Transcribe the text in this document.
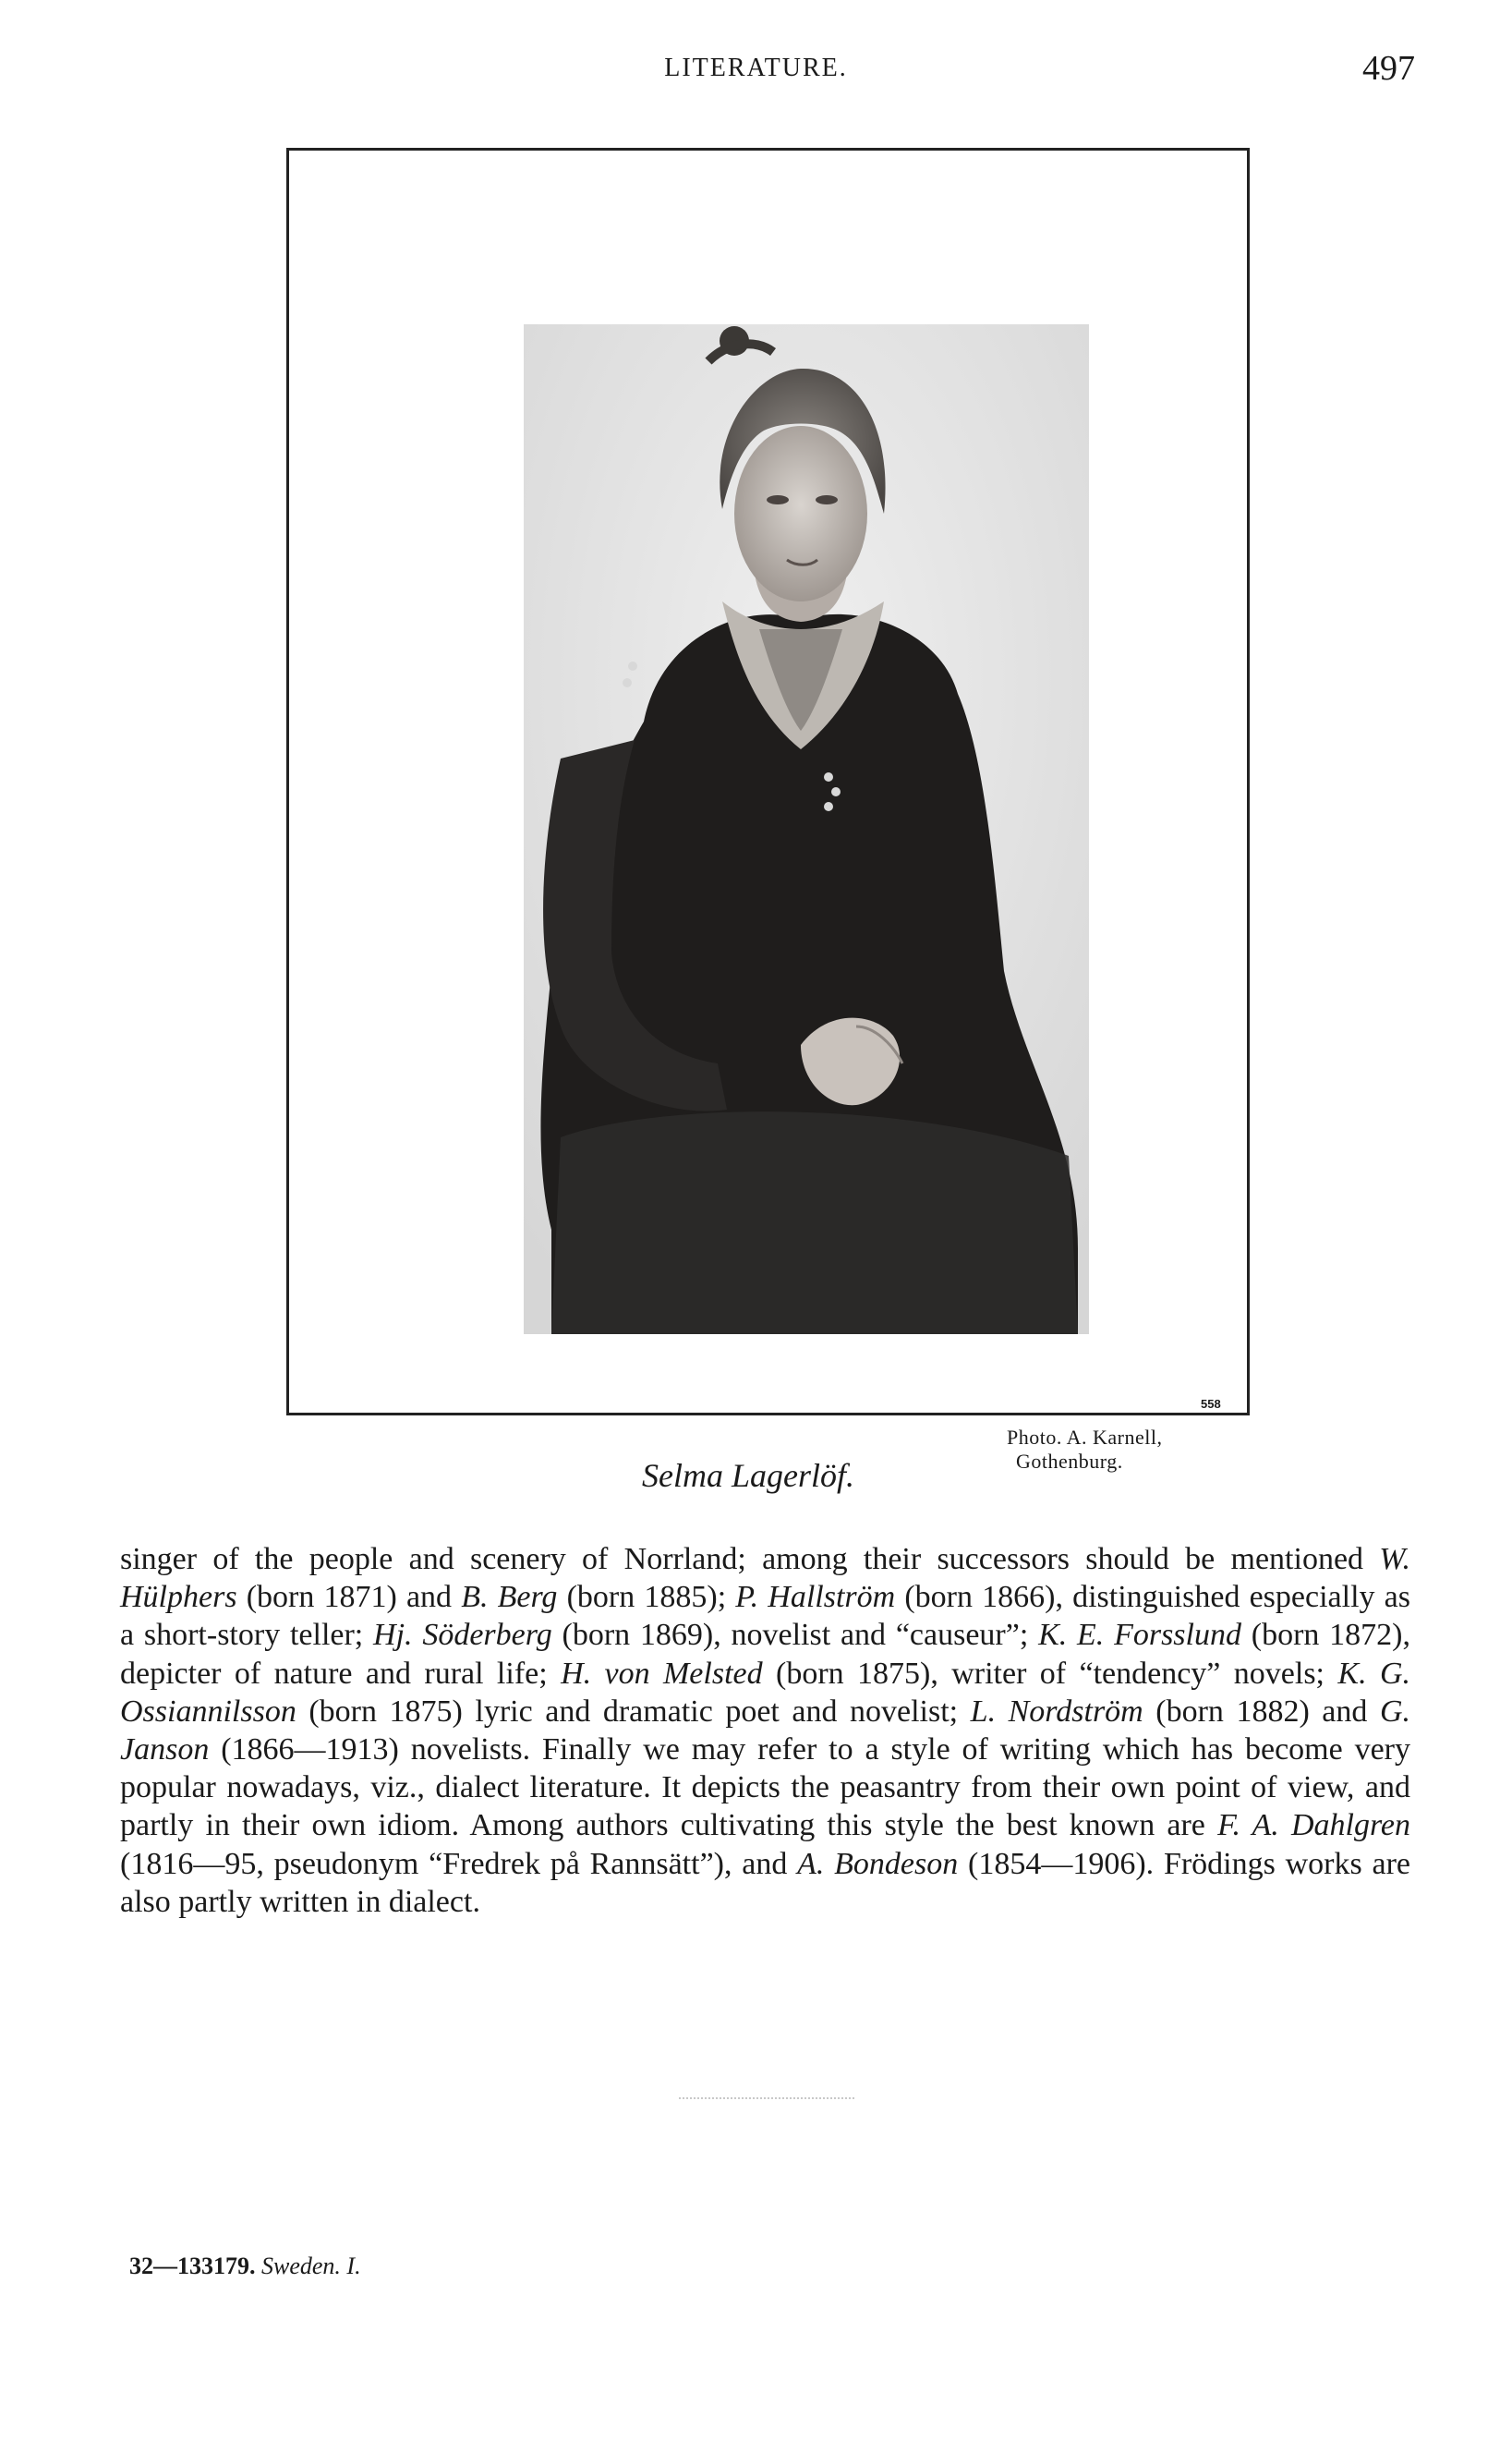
LITERATURE.	497
558
Selma Lagerlöf.
Photo. A. Karnell,
Gothenburg.

singer of the people and scenery of Norrland; among their successors should be mentioned W. Hülphers (born 1871) and B. Berg (born 1885); P. Hallström (born 1866), distinguished especially as a short-story teller; Hj. Söderberg (born 1869), novelist and “causeur”; K. E. Forsslund (born 1872), depicter of nature and rural life; H. von Melsted (born 1875), writer of “tendency” novels; K. G. Ossiannilsson (born 1875) lyric and dramatic poet and novelist; L. Nordström (born 1882) and G. Janson (1866—1913) novelists. Finally we may refer to a style of writing which has become very popular nowadays, viz., dialect literature. It depicts the peasantry from their own point of view, and partly in their own idiom. Among authors cultivating this style the best known are F. A. Dahlgren (1816—95, pseudonym “Fredrek på Rannsätt”), and A. Bondeson (1854—1906). Frödings works are also partly written in dialect.

32—133179. Sweden. I.
